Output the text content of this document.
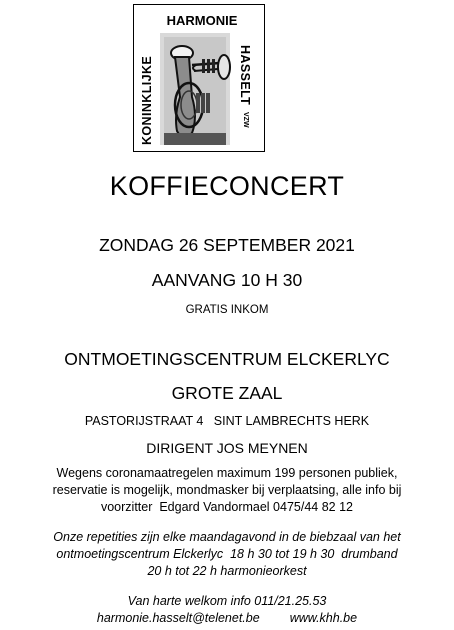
HARMONIE
KONINKLIJKE	HASSELT
VZW
KOFFIECONCERT
ZONDAG 26 SEPTEMBER 2021
AANVANG 10 H 30
GRATIS INKOM
ONTMOETINGSCENTRUM ELCKERLYC
GROTE ZAAL
PASTORIJSTRAAT 4   SINT LAMBRECHTS HERK
DIRIGENT JOS MEYNEN
Wegens coronamaatregelen maximum 199 personen publiek,
reservatie is mogelijk, mondmasker bij verplaatsing, alle info bij
voorzitter  Edgard Vandormael 0475/44 82 12
Onze repetities zijn elke maandagavond in de biebzaal van het
ontmoetingscentrum Elckerlyc  18 h 30 tot 19 h 30  drumband
20 h tot 22 h harmonieorkest
Van harte welkom info 011/21.25.53
harmonie.hasselt@telenet.be www.khh.be
